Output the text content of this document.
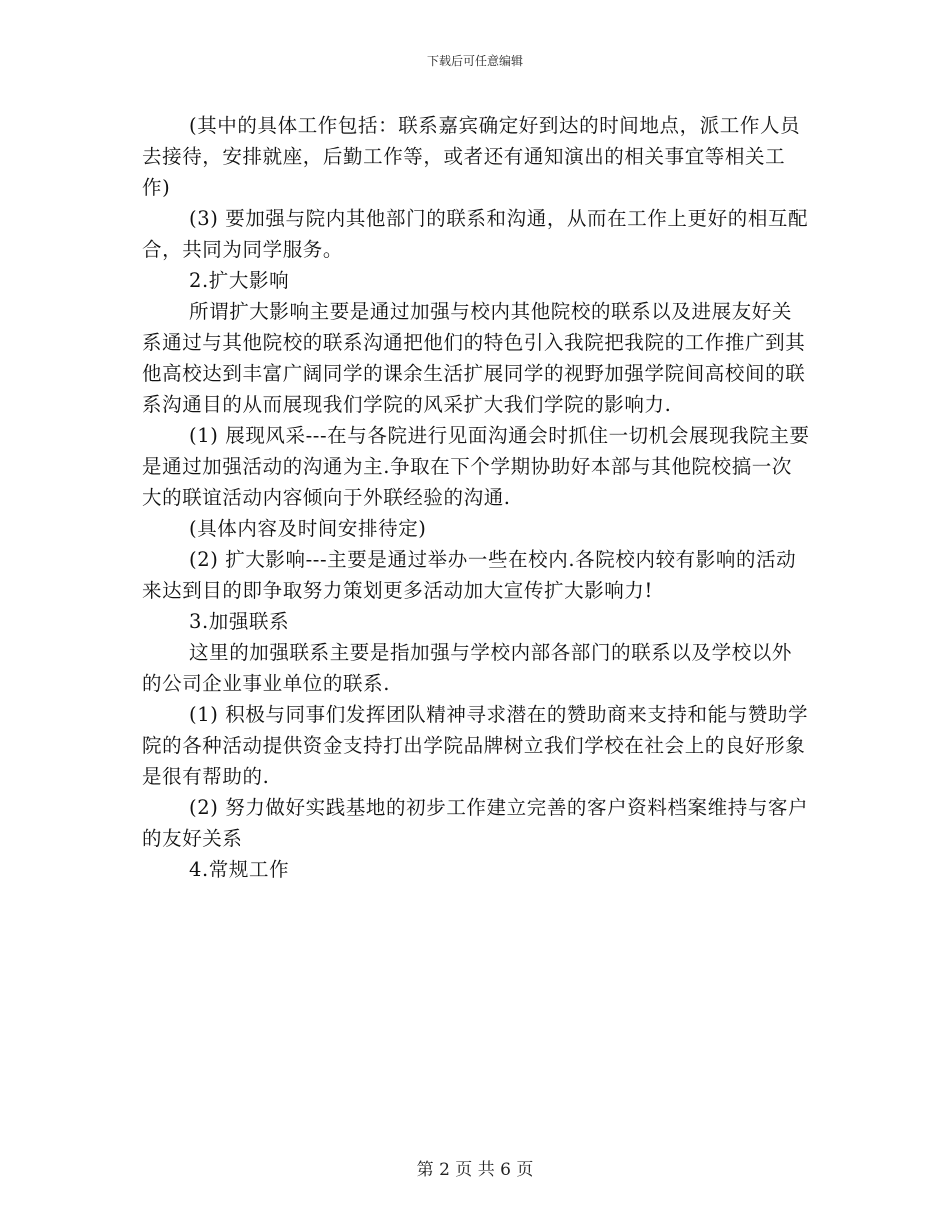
下载后可任意编辑

(其中的具体工作包括：联系嘉宾确定好到达的时间地点，派工作人员去接待，安排就座，后勤工作等，或者还有通知演出的相关事宜等相关工作)

(3) 要加强与院内其他部门的联系和沟通，从而在工作上更好的相互配合，共同为同学服务。

2.扩大影响

所谓扩大影响主要是通过加强与校内其他院校的联系以及进展友好关系通过与其他院校的联系沟通把他们的特色引入我院把我院的工作推广到其他高校达到丰富广阔同学的课余生活扩展同学的视野加强学院间高校间的联系沟通目的从而展现我们学院的风采扩大我们学院的影响力.

(1) 展现风采---在与各院进行见面沟通会时抓住一切机会展现我院主要是通过加强活动的沟通为主.争取在下个学期协助好本部与其他院校搞一次大的联谊活动内容倾向于外联经验的沟通.

(具体内容及时间安排待定)

(2) 扩大影响---主要是通过举办一些在校内.各院校内较有影响的活动来达到目的即争取努力策划更多活动加大宣传扩大影响力!

3.加强联系

这里的加强联系主要是指加强与学校内部各部门的联系以及学校以外的公司企业事业单位的联系.

(1) 积极与同事们发挥团队精神寻求潜在的赞助商来支持和能与赞助学院的各种活动提供资金支持打出学院品牌树立我们学校在社会上的良好形象是很有帮助的.

(2) 努力做好实践基地的初步工作建立完善的客户资料档案维持与客户的友好关系

4.常规工作

第 2 页 共 6 页
